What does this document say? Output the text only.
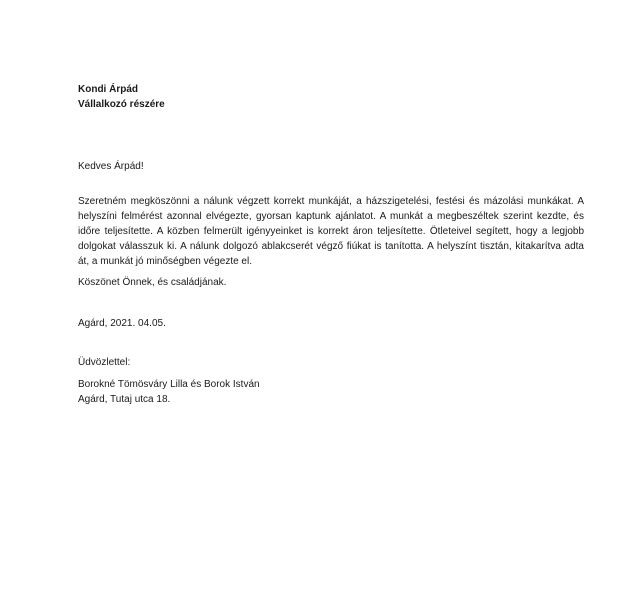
Kondi Árpád
Vállalkozó részére

Kedves Árpád!

Szeretném megköszönni a nálunk végzett korrekt munkáját, a házszigetelési, festési és mázolási munkákat. A helyszíni felmérést azonnal elvégezte, gyorsan kaptunk ajánlatot. A munkát a megbeszéltek szerint kezdte, és időre teljesítette. A közben felmerült igényyeinket is korrekt áron teljesítette. Ötleteivel segített, hogy a legjobb dolgokat válasszuk ki. A nálunk dolgozó ablakcserét végző fiúkat is tanította. A helyszínt tisztán, kitakarítva adta át, a munkát jó minőségben végezte el.

Köszönet Önnek, és családjának.

Agárd, 2021. 04.05.

Üdvözlettel:

Borokné Tömösváry Lilla és Borok István

Agárd, Tutaj utca 18.
